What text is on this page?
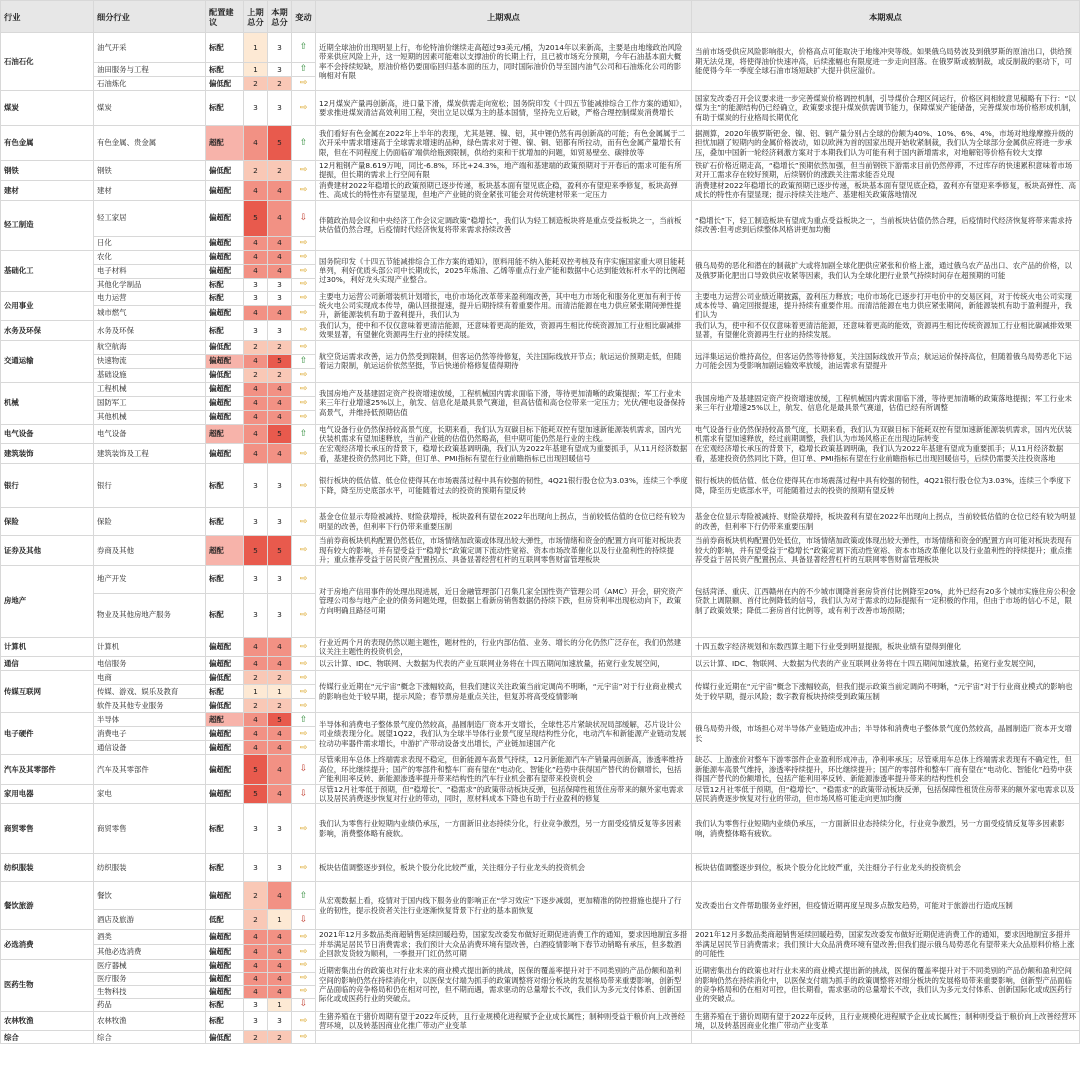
行业	细分行业	配置建议	上期总分	本期总分	变动	上期观点	本期观点
石油石化	油气开采	标配	1	3	⇧	近期全球油价出现明显上行，布伦特油价继续走高超过93美元/桶，为2014年以来新高，主要是由地缘政治风险带来供应风险上升，这一短期的因素可能难以支撑油价的长期上行，且已被市场充分预期，今年石油基本面大概率不会持续短缺，原油价格仍要面临回归基本面的压力，同时国际油价仍导至国内油气公司和石油炼化公司的影响相对有限	当前市场受供应风险影响很大，价格高点可能取决于地缘冲突等级。如果俄乌局势波及到俄罗斯的原油出口，供给预期无法兑现，将使得油价快速冲高，后续涨幅也有限度进一步走向回落。在俄罗斯或被制裁，或反制裁的驱动下，可能使得今年一季度全球石油市场短缺扩大提升供应溢价。
	油田服务与工程	标配	1	3	⇧		
	石油炼化	偏低配	2	2	⇨		
煤炭	煤炭	标配	3	3	⇨	12月煤炭产量再创新高，进口量下滑，煤炭供需走向宽松；国务院印发《十四五节能减排综合工作方案的通知》，要求推进煤炭清洁高效利用工程，突出立足以煤为主的基本国情，坚持先立后破，严格合理控制煤炭消费增长	国家发改委召开会议要求进一步完善煤炭价格调控机制，引导煤价合理区间运行，价格区间相较意见稿略有下行：“以煤为主”的能源结构仍已经确立，政策要求提升煤炭供需调节能力，保障煤炭产能储备，完善煤炭市场价格形成机制，有助于煤炭的行业格局长期优化
有色金属	有色金属、贵金属	超配	4	5	⇧	我们看好有色金属在2022年上半年的表现，尤其是锂、镍、铝，其中锂仍然有再创新高的可能；有色金属属于二次开采中需求增速高于全球需求增速的品种，绿色需求对于锂、镍、铜、铝都有所拉动，而有色金属产量增长有限，但在不同程度上仍面临矿端供给瓶颈限制，供给约束和干扰增加的问题，如贸易壁垒、碳排放等	据测算，2020年俄罗斯钯金、镍、铝、铜产量分别占全球的份额为40%、10%、6%、4%，市场对地缘摩擦升级的担忧加剧了短期内的金属价格波动，如以欧洲为首的国家出现开始收紧制裁，我们认为全球部分金属供应将进一步承压，叠加中国新一轮经济刺激方案对于本期我们认为可能有利于国内新增需求，对地解铝等价格有较大支撑
钢铁	钢铁	偏低配	2	2	⇨	12月粗钢产量8.619万吨，同比-6.8%，环比+24.3%，地产端和基建端的政策预期对于开春后的需求可能有所提振，但长期的需求上行空间有限	铁矿石价格近期走高，“稳增长”预期依然加强，但当前钢铁下游需求目前仍然停滞，不过库存的快速累积意味着市场对开工需求存在较好预期，后续钢价的涨跌关注需求能否兑现
建材	建材	偏超配	4	4	⇨	消费建材2022年稳增长的政策预期已逐步传递，板块基本面有望见底企稳，盈利亦有望迎来季修复，板块高弹性、高成长的特性亦有望显现，但地产产业链的资金紧张可能会对传统建材带来一定压力	消费建材2022年稳增长的政策预期已逐步传递，板块基本面有望见底企稳，盈利亦有望迎来季修复，板块高弹性、高成长的特性亦有望显现；提示持续关注地产、基建相关政策落地情况
轻工制造	轻工家居	偏超配	5	4	⇩	伴随政治局会议和中央经济工作会议定调政策“稳增长”，我们认为轻工制造板块将是重点受益板块之一，当前板块估值仍然合理，后疫情时代经济恢复将带来需求持续改善	“稳增长”下，轻工制造板块有望成为重点受益板块之一，当前板块估值仍然合理，后疫情时代经济恢复将带来需求持续改善:但考虑到后续整体风格讲更加均衡
	日化	偏超配	4	4	⇨		
基础化工	农化	偏超配	4	4	⇨	国务院印发《十四五节能减排综合工作方案的通知》，原料用能不纳入能耗双控考核及有序实施国家重大项目能耗单列，利好优质头部公司中长期成长，2025年炼油、乙烯等重点行业产能和数据中心达到能效标杆水平的比例超过30%，利好龙头实现产业整合。	俄乌局势的恶化和潜在的制裁扩大或将加剧全球化肥供应紧张和价格上涨，通过俄乌农产品出口、农产品的价格，以及俄罗斯化肥出口导致供应收紧等因素，我们认为全球化肥行业景气持续时间存在超预期的可能
	电子材料	偏超配	4	4	⇨		
	其他化学制品	标配	3	3	⇨		
公用事业	电力运营	标配	3	3	⇨	主要电力运营公司新增装机计划增长，电价市场化改革带来盈利端改善，其中电力市场化和服务化更加有利于传统火电公司实现成本传导，确认回报提速，提升后期持续有着重要作用。而清洁能源在电力供应紧张期间弹性提升，新能源装机有助于盈利提升，我们认为	主要电力运营公司业绩近期披露，盈利压力释放；电价市场化已逐步打开电价中的交易区间，对于传统火电公司实现成本传导、确定回报提速，提升持续有重要作用。而清洁能源在电力供应紧张期间，新能源装机有助于盈利提升，我们认为
	城市燃气	偏超配	4	4	⇨		
水务及环保	水务及环保	标配	3	3	⇨	我们认为，使中和不仅仅意味着更清洁能源，还意味着更高的能效，资源再生相比传统资源加工行业相比碳减排效果显著，有望催化资源再生行业的持续发展。	我们认为，使中和不仅仅意味着更清洁能源，还意味着更高的能效，资源再生相比传统资源加工行业相比碳减排效果显著，有望催化资源再生行业的持续发展。
交通运输	航空航海	偏低配	2	2	⇨	航空货运需求改善，运力仍然受到限制，但客运仍然等待修复，关注国际线放开节点；航运运价预期走低，但随着运力限制，航运运价依然坚挺，节后快递价格修复值得期待	远洋集运运价维持高位，但客运仍然等待修复，关注国际线放开节点；航运运价保持高位，但随着俄乌局势恶化下运力可能会因为受影响加剧运输效率放缓，油运需求有望提升
	快速物流	偏超配	4	5	⇧		
	基础设施	偏低配	2	2	⇨		
机械	工程机械	偏超配	4	4	⇨	我国房地产及基建固定资产投资增速放缓，工程机械国内需求面临下滑，等待更加清晰的政策提振；军工行业未来三年行业增速25%以上，航发、信息化是最具景气赛道，但高估值和高仓位带来一定压力；光伏/锂电设备保持高景气，并维持低预期估值	我国房地产及基建固定资产投资增速放缓，工程机械国内需求面临下滑，等待更加清晰的政策落地提振；军工行业未来三年行业增速25%以上，航发、信息化是最具景气赛道，估值已经有所调整
	国防军工	偏超配	4	4	⇨		
	其他机械	偏超配	4	4	⇨		
电气设备	电气设备	超配	4	5	⇧	电气设备行业仍然保持较高景气度，长期来看，我们认为双碳目标下能耗双控有望加速新能源装机需求，国内光伏装机需求有望加速释放，当前产业链的估值仍然略高，但中期可能仍然是行业的主线。	电气设备行业仍然保持较高景气度，长期来看，我们认为双碳目标下能耗双控有望加速新能源装机需求，国内光伏装机需求有望加速释放，经过前期调整，我们认为市场风格正在出现边际转变
建筑装饰	建筑装饰及工程	偏超配	4	4	⇨	在宏观经济增长承压的背景下，稳增长政策基调明确，我们认为2022年基建有望成为重要抓手，从11月经济数据看，基建投资仍然同比下降，但订单、PMI指标有望在行业前瞻指标已出现回暖信号	在宏观经济增长承压的背景下，稳增长政策基调明确，我们认为2022年基建有望成为重要抓手；从11月经济数据看，基建投资仍然同比下降，但订单、PMI指标有望在行业前瞻指标已出现回暖信号，后续仍需要关注投资落地
银行	银行	标配	3	3	⇨	银行板块的低估值、低仓位使得其在市场震荡过程中具有较强的韧性，4Q21银行股仓位为3.03%，连续三个季度下降，降至历史底部水平，可能随着过去的投资的预期有望反转	银行板块的低估值、低仓位使得其在市场震荡过程中具有较强的韧性，4Q21银行股仓位为3.03%，连续三个季度下降，降至历史底部水平，可能随着过去的投资的预期有望反转
保险	保险	标配	3	3	⇨	基金仓位显示寿险被减持、财险获增持，板块盈利有望在2022年出现向上拐点，当前较低估值的仓位已经有较为明显的改善，但利率下行仍带来重要压制	基金仓位显示寿险被减持、财险获增持，板块盈利有望在2022年出现向上拐点，当前较低估值的仓位已经有较为明显的改善，但利率下行仍带来重要压制
证券及其他	券商及其他	超配	5	5	⇨	当前券商板块机构配置仍然低位，市场情绪加政策或体现出较大弹性，市场情绪和资金的配置方向可能对板块表现有较大的影响，并有望受益于“稳增长”政策定调下流动性宽裕、资本市场改革催化以及行业盈利性的持续提升；重点推荐受益于居民资产配置拐点、具备显著经营杠杆的互联网零售财富管理板块	当前券商板块机构配置仍处低位，市场情绪加政策或体现出较大弹性，市场情绪和资金的配置方向可能对板块表现有较大的影响，并有望受益于“稳增长”政策定调下流动性宽裕、资本市场改革催化以及行业盈利性的持续提升；重点推荐受益于居民资产配置拐点、具备显著经营杠杆的互联网零售财富管理板块
房地产	地产开发	标配	3	3	⇨	对于房地产信用事件的处理出现进展，近日金融管理部门召集几家全国性资产管理公司（AMC）开会，研究资产管理公司参与地产企业的债务问题处理，但数据上看新房销售数据仍持续下跌，但房贷利率出现松动向下，政策方向明确且路径可期	包括菏泽、重庆、江西赣州在内的不少城市调降首套房贷首付比例降至20%，此外已经有20多个城市实施住房公积金贷款上调限额、首付比例降低的信号，我们认为对于需求的边际提振有一定积极的作用，但由于市场的信心不足，限制了政策效果；降低二套房首付比例等，或有利于改善市场预期；
	物业及其他房地产服务	标配	3	3	⇨		
计算机	计算机	偏超配	4	4	⇨	行业近两个月的表现仍然以题主题性，题材性的，行业内部估值、业务、增长的分化仍然广泛存在，我们仍然建议关注主题性的投资机会，	十四五数字经济规划和东数西算主题下行业受到明显提振，板块业绩有望得到催化
通信	电信服务	偏超配	4	4	⇨	以云计算、IDC、物联网、大数据为代表的产业互联网业务将在十四五期间加速放量，拓宽行业发展空间，	以云计算、IDC、物联网、大数据为代表的产业互联网业务将在十四五期间加速放量，拓宽行业发展空间，
传媒互联网	电商	偏低配	2	2	⇨	传媒行业近期在“元宇宙”概念下涨幅较高，但我们建议关注政策当前定调尚不明晰，“元宇宙”对于行业商业模式的影响也处于较早期，提示风险；春节票房是重点关注，但复苏将高受疫情影响	传媒行业近期在“元宇宙”概念下涨幅较高，但我们提示政策当前定调尚不明晰，“元宇宙”对于行业商业模式的影响也处于较早期，提示风险；数字教育板块持续受到政策压制
	传媒、游戏、娱乐及教育	标配	1	1	⇨		
	软件及其他专业服务	偏低配	2	2	⇨		
电子硬件	半导体	超配	4	5	⇧	半导体和消费电子整体景气度仍然较高，晶圆制造厂资本开支增长，全球性芯片紧缺状况局部缓解，芯片设计公司业绩表现分化。展望1Q22，我们认为全球半导体行业景气度呈现结构性分化，电动汽车和新能源产业链动发展拉动功率器件需求增长，中游扩产带动设备支出增长，产业链加速国产化	俄乌局势升级，市场担心对半导体产业链造成冲击；半导体和消费电子整体景气度仍然较高，晶圆制造厂资本开支增长
	消费电子	偏超配	4	4	⇨		
	通信设备	偏超配	4	4	⇨		
汽车及其零部件	汽车及其零部件	偏超配	5	4	⇩	尽管乘用车总体上终端需求表现不稳定，但新能源车高景气持续，12月新能源汽车产销量再创新高，渗透率维持高位，环比继续提升；国产的零部件和整车厂商有望在“电动化、智能化”趋势中获得国产替代的份额增长，包括产能利用率反转、新能源渗透率提升带来结构性的汽车行业机会都有望带来投资机会	缺芯、上游涨价对整车下游零部件企业盈利形成冲击，净利率承压；尽管乘用车总体上终端需求表现有不确定性，但新能源车高景气维持，渗透率持续提升，环比继续提升；国产的零部件和整车厂商有望在“电动化、智能化”趋势中获得国产替代的份额增长，包括产能利用率反转、新能源渗透率提升带来的结构性机会
家用电器	家电	偏超配	5	4	⇩	尽管12月社零低于预期，但“稳增长”、“稳需求”的政策带动板块反弹，包括保障性租赁住房带来的额外家电需求以及居民消费逐步恢复对行业的带动，同时，原材料成本下降也有助于行业盈利的修复	尽管12月社零低于预期，但“稳增长”、“稳需求”的政策带动板块反弹，包括保障性租赁住房带来的额外家电需求以及居民消费逐步恢复对行业的带动，但市场风格可能走向更加均衡
商贸零售	商贸零售	标配	3	3	⇨	我们认为零售行业短期内业绩仍承压，一方面新旧业态持续分化，行业竞争激烈，另一方面受疫情反复等多因素影响，消费整体略有疲软。	我们认为零售行业短期内业绩仍承压，一方面新旧业态持续分化，行业竞争激烈，另一方面受疫情反复等多因素影响，消费整体略有疲软。
纺织服装	纺织服装	标配	3	3	⇨	板块估值调整逐步到位，板块个股分化比较严重，关注细分子行业龙头的投资机会	板块估值调整逐步到位，板块个股分化比较严重，关注细分子行业龙头的投资机会
餐饮旅游	餐饮	偏超配	2	4	⇧	从宏观数据上看，疫情对于国内线下服务业的影响正在“学习效应”下逐步减弱，更加精准的防控措施也提升了行业的韧性，提示投资者关注行业逐渐恢复背景下行业的基本面恢复	发改委出台文件帮助服务业纾困，但疫情近期再度呈现多点散发趋势，可能对于旅游出行造成压制
	酒店及旅游	低配	2	1	⇩		
必选消费	酒类	偏超配	4	4	⇨	2021年12月多数品类商超销售延续回暖趋势，国家发改委发布做好近期促进消费工作的通知，要求因地制宜多措并举满足居民节日消费需求；我们预计大众品消费环境有望改善，白酒疫情影响下春节动销略有承压，但多数酒企回款发货较为顺利，一季报开门红仍然可期	2021年12月多数品类商超销售延续回暖趋势，国家发改委发布做好近期促进消费工作的通知，要求因地制宜多措并举满足居民节日消费需求；我们预计大众品消费环境有望改善;但我们提示俄乌局势恶化有望带来大众品原料价格上涨的可能性
	其他必选消费	偏超配	4	4	⇨		
医药生物	医疗器械	偏超配	4	4	⇨	近期密集出台的政策也对行业未来的商业模式提出新的挑战，医保的覆盖率提升对于不同类别的产品份额和盈利空间的影响仍然在持续消化中，以医保支付端为抓手的政策调整将对细分板块的发展格局带来重要影响，创新型产品面临的竞争格局和仍在相对可控，但不期而遇，需求驱动的总量增长不改，我们认为多元支付体系、创新国际化或成医药行业的突破点。	近期密集出台的政策也对行业未来的商业模式提出新的挑战，医保的覆盖率提升对于不同类别的产品份额和盈利空间的影响仍然在持续消化中，以医保支付端为抓手的政策调整将对细分板块的发展格局带来重要影响，创新型产品面临的竞争格局和仍在相对可控，但长期看，需求驱动的总量增长不改，我们认为多元支付体系、创新国际化或成医药行业的突破点。
	医疗服务	偏超配	4	4	⇨		
	生物科技	偏超配	4	4	⇨		
	药品	标配	3	1	⇩		
农林牧渔	农林牧渔	标配	3	3	⇨	生猪养殖在于猪价周期有望于2022年反转，且行业规模化进程赋予企业成长属性；制种则受益于粮价向上改善经营环境，以及转基因商业化推广带动产业变革	生猪养殖在于猪价周期有望于2022年反转，且行业规模化进程赋予企业成长属性；制种则受益于粮价向上改善经营环境，以及转基因商业化推广带动产业变革
综合	综合	偏低配	2	2	⇨		
